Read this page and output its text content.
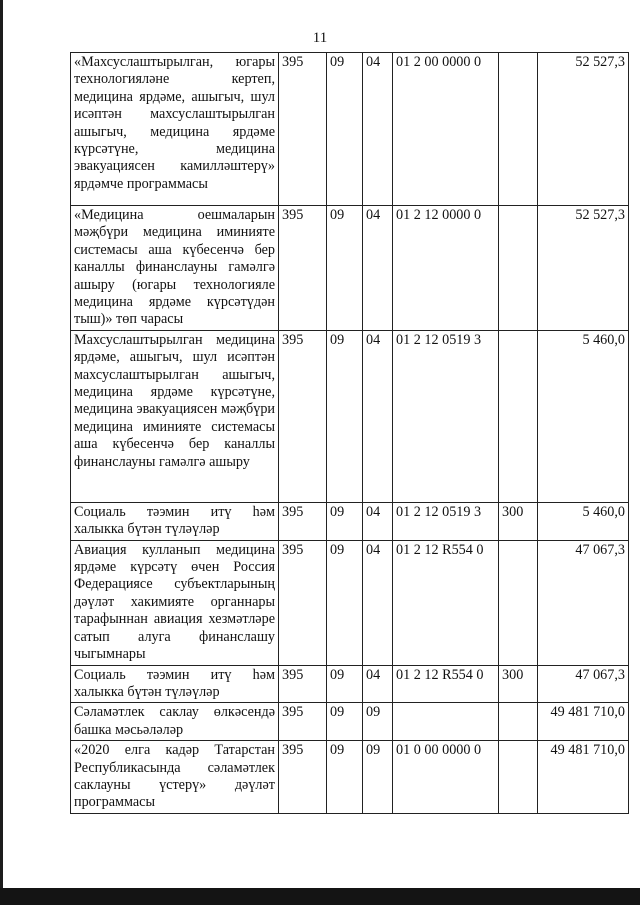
11
«Махсуслаштырылган, югары технологияләне кертеп, медицина ярдәме, ашыгыч, шул исәптән махсуслаштырылган ашыгыч, медицина ярдәме күрсәтүне, медицина эвакуациясен камилләштерү» ярдәмче программасы	395	09	04	01 2 00 0000 0		52 527,3
«Медицина оешмаларын мәҗбүри медицина иминияте системасы аша күбесенчә бер каналлы финанслауны гамәлгә ашыру (югары технологияле медицина ярдәме күрсәтүдән тыш)» төп чарасы	395	09	04	01 2 12 0000 0		52 527,3
Махсуслаштырылган медицина ярдәме, ашыгыч, шул исәптән махсуслаштырылган ашыгыч, медицина ярдәме күрсәтүне, медицина эвакуациясен мәҗбүри медицина иминияте системасы аша күбесенчә бер каналлы финанслауны гамәлгә ашыру	395	09	04	01 2 12 0519 3		5 460,0
Социаль тәэмин итү һәм халыкка бүтән түләүләр	395	09	04	01 2 12 0519 3	300	5 460,0
Авиация кулланып медицина ярдәме күрсәтү өчен Россия Федерациясе субъектларының дәүләт хакимияте органнары тарафыннан авиация хезмәтләре сатып алуга финанслашу чыгымнары	395	09	04	01 2 12 R554 0		47 067,3
Социаль тәэмин итү һәм халыкка бүтән түләүләр	395	09	04	01 2 12 R554 0	300	47 067,3
Сәламәтлек саклау өлкәсендә башка мәсьәләләр	395	09	09			49 481 710,0
«2020 елга кадәр Татарстан Республикасында сәламәтлек саклауны үстерү» дәүләт программасы	395	09	09	01 0 00 0000 0		49 481 710,0
